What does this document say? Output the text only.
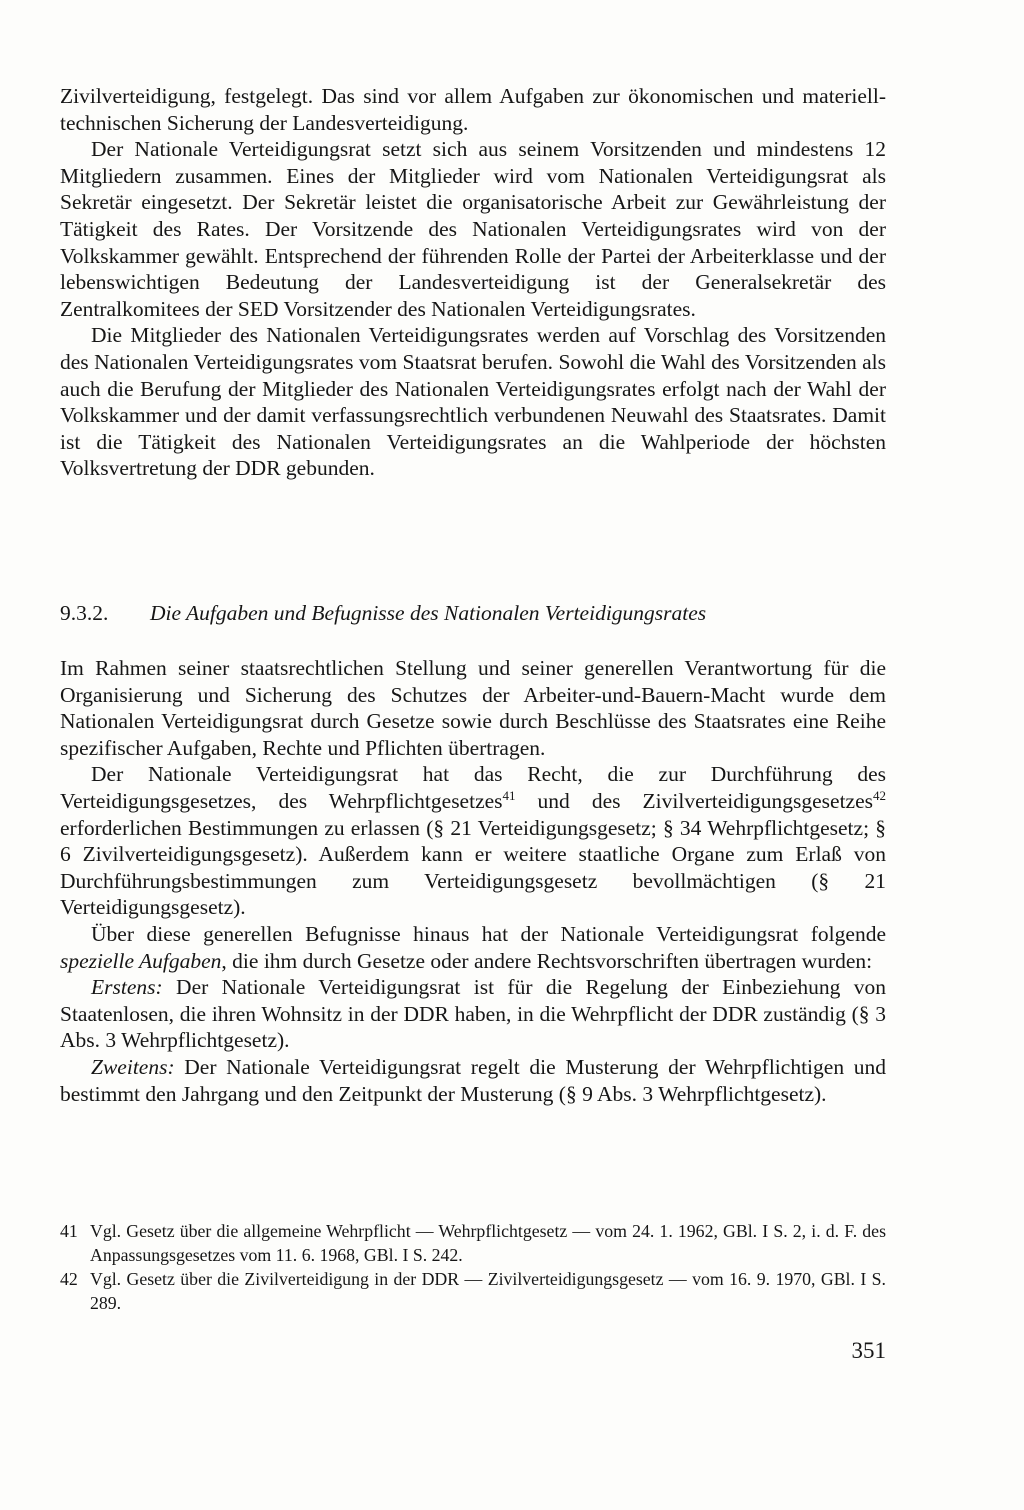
Zivilverteidigung, festgelegt. Das sind vor allem Aufgaben zur ökonomischen und materiell-technischen Sicherung der Landesverteidigung.

Der Nationale Verteidigungsrat setzt sich aus seinem Vorsitzenden und mindestens 12 Mitgliedern zusammen. Eines der Mitglieder wird vom Nationalen Verteidigungsrat als Sekretär eingesetzt. Der Sekretär leistet die organisatorische Arbeit zur Gewährleistung der Tätigkeit des Rates. Der Vorsitzende des Nationalen Verteidigungsrates wird von der Volkskammer gewählt. Entsprechend der führenden Rolle der Partei der Arbeiterklasse und der lebenswichtigen Bedeutung der Landesverteidigung ist der Generalsekretär des Zentralkomitees der SED Vorsitzender des Nationalen Verteidigungsrates.

Die Mitglieder des Nationalen Verteidigungsrates werden auf Vorschlag des Vorsitzenden des Nationalen Verteidigungsrates vom Staatsrat berufen. Sowohl die Wahl des Vorsitzenden als auch die Berufung der Mitglieder des Nationalen Verteidigungsrates erfolgt nach der Wahl der Volkskammer und der damit verfassungsrechtlich verbundenen Neuwahl des Staatsrates. Damit ist die Tätigkeit des Nationalen Verteidigungsrates an die Wahlperiode der höchsten Volksvertretung der DDR gebunden.

9.3.2. Die Aufgaben und Befugnisse des Nationalen Verteidigungsrates

Im Rahmen seiner staatsrechtlichen Stellung und seiner generellen Verantwortung für die Organisierung und Sicherung des Schutzes der Arbeiter-und-Bauern-Macht wurde dem Nationalen Verteidigungsrat durch Gesetze sowie durch Beschlüsse des Staatsrates eine Reihe spezifischer Aufgaben, Rechte und Pflichten übertragen.

Der Nationale Verteidigungsrat hat das Recht, die zur Durchführung des Verteidigungsgesetzes, des Wehrpflichtgesetzes$^{41}$ und des Zivilverteidigungsgesetzes$^{42}$ erforderlichen Bestimmungen zu erlassen (§ 21 Verteidigungsgesetz; § 34 Wehrpflichtgesetz; § 6 Zivilverteidigungsgesetz). Außerdem kann er weitere staatliche Organe zum Erlaß von Durchführungsbestimmungen zum Verteidigungsgesetz bevollmächtigen (§ 21 Verteidigungsgesetz).

Über diese generellen Befugnisse hinaus hat der Nationale Verteidigungsrat folgende spezielle Aufgaben, die ihm durch Gesetze oder andere Rechtsvorschriften übertragen wurden:

Erstens: Der Nationale Verteidigungsrat ist für die Regelung der Einbeziehung von Staatenlosen, die ihren Wohnsitz in der DDR haben, in die Wehrpflicht der DDR zuständig (§ 3 Abs. 3 Wehrpflichtgesetz).

Zweitens: Der Nationale Verteidigungsrat regelt die Musterung der Wehrpflichtigen und bestimmt den Jahrgang und den Zeitpunkt der Musterung (§ 9 Abs. 3 Wehrpflichtgesetz).

41 Vgl. Gesetz über die allgemeine Wehrpflicht — Wehrpflichtgesetz — vom 24. 1. 1962, GBl. I S. 2, i. d. F. des Anpassungsgesetzes vom 11. 6. 1968, GBl. I S. 242.
42 Vgl. Gesetz über die Zivilverteidigung in der DDR — Zivilverteidigungsgesetz — vom 16. 9. 1970, GBl. I S. 289.
351
